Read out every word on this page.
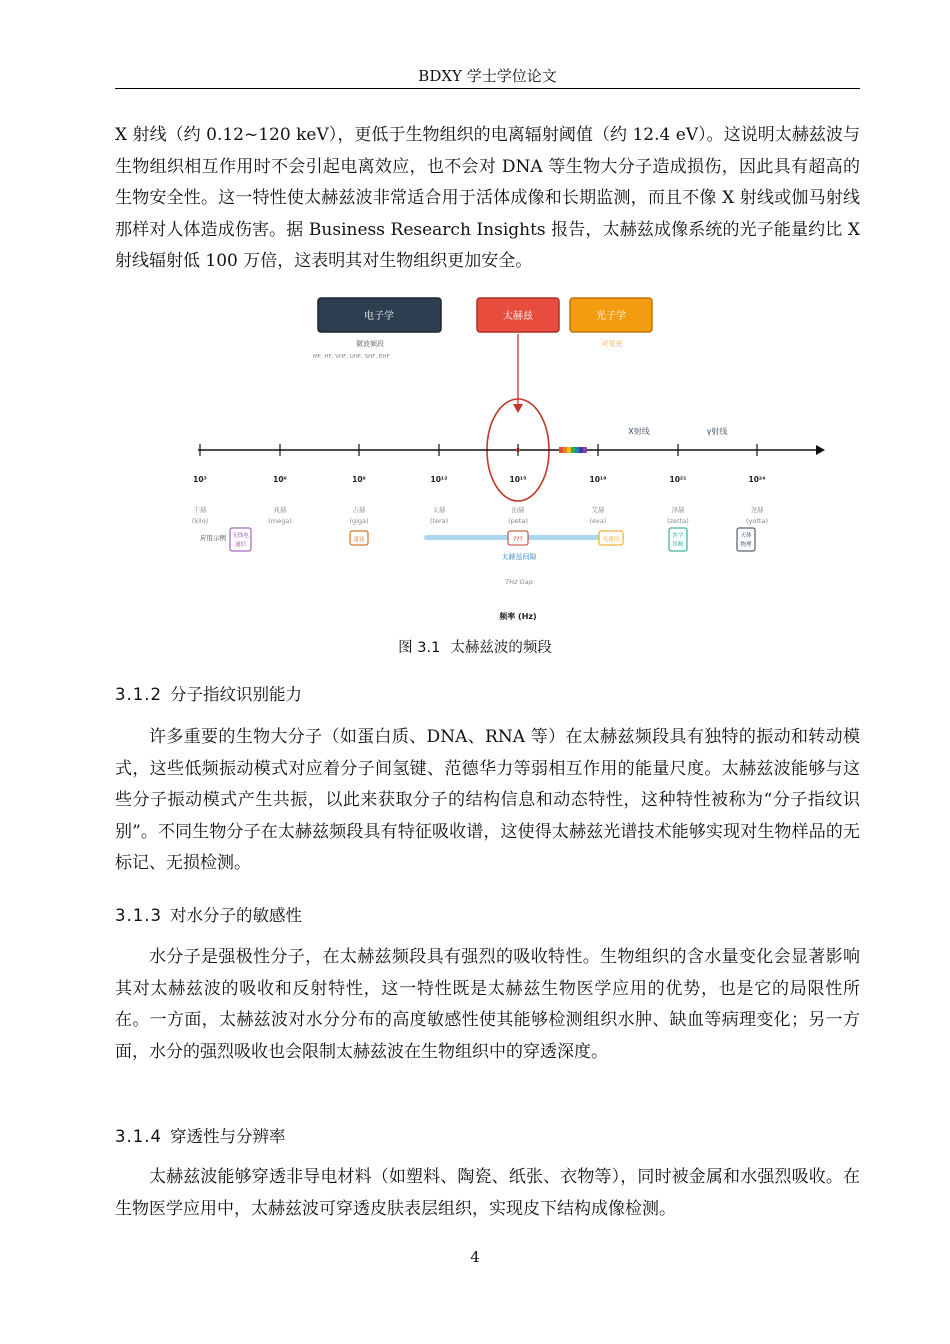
BDXY 学士学位论文
X 射线（约 0.12~120 keV），更低于生物组织的电离辐射阈值（约 12.4 eV）。这说明太赫兹波与生物组织相互作用时不会引起电离效应，也不会对 DNA 等生物大分子造成损伤，因此具有超高的生物安全性。这一特性使太赫兹波非常适合用于活体成像和长期监测，而且不像 X 射线或伽马射线那样对人体造成伤害。据 Business Research Insights 报告，太赫兹成像系统的光子能量约比 X 射线辐射低 100 万倍，这表明其对生物组织更加安全。
电子学	太赫兹	光子学
微波频段
MF, HF, VHF, UHF, SHF, EHF
可见光
X射线	γ射线
10³
千赫
(kilo)
10⁶
兆赫
(mega)
10⁹
吉赫
(giga)
10¹²
太赫
(tera)
10¹⁵
拍赫
(peta)
10¹⁸
艾赫
(exa)
10²¹
泽赫
(zetta)
10²⁴
尧赫
(yotta)
应用示例 无线电
通信
雷达	???	光通信
医学
诊断
天体
物理
太赫兹间隙
THz Gap
频率 (Hz)
图 3.1 太赫兹波的频段
3.1.2 分子指纹识别能力
许多重要的生物大分子（如蛋白质、DNA、RNA 等）在太赫兹频段具有独特的振动和转动模式，这些低频振动模式对应着分子间氢键、范德华力等弱相互作用的能量尺度。太赫兹波能够与这些分子振动模式产生共振，以此来获取分子的结构信息和动态特性，这种特性被称为“分子指纹识别”。不同生物分子在太赫兹频段具有特征吸收谱，这使得太赫兹光谱技术能够实现对生物样品的无标记、无损检测。
3.1.3 对水分子的敏感性
水分子是强极性分子，在太赫兹频段具有强烈的吸收特性。生物组织的含水量变化会显著影响其对太赫兹波的吸收和反射特性，这一特性既是太赫兹生物医学应用的优势，也是它的局限性所在。一方面，太赫兹波对水分分布的高度敏感性使其能够检测组织水肿、缺血等病理变化；另一方面，水分的强烈吸收也会限制太赫兹波在生物组织中的穿透深度。
3.1.4 穿透性与分辨率
太赫兹波能够穿透非导电材料（如塑料、陶瓷、纸张、衣物等），同时被金属和水强烈吸收。在生物医学应用中，太赫兹波可穿透皮肤表层组织，实现皮下结构成像检测。
4
